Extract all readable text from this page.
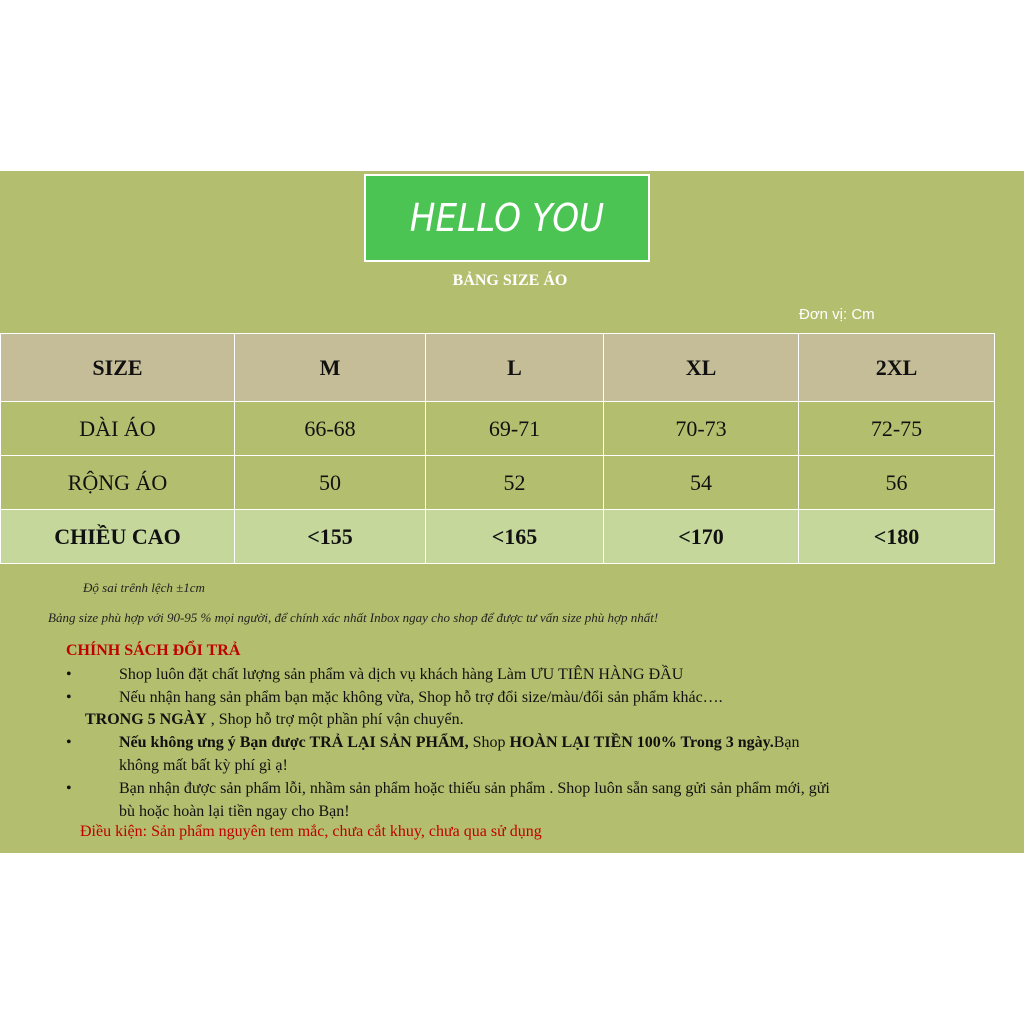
HELLO YOU
BẢNG SIZE ÁO
Đơn vị: Cm
SIZE	M	L	XL	2XL
DÀI ÁO	66-68	69-71	70-73	72-75
RỘNG ÁO	50	52	54	56
CHIỀU CAO	<155	<165	<170	<180
Độ sai trênh lệch ±1cm
Bảng size phù hợp với 90-95 % mọi người, để chính xác nhất Inbox ngay cho shop để được tư vấn size phù hợp nhất!
CHÍNH SÁCH ĐỔI TRẢ
•	Shop luôn đặt chất lượng sản phẩm và dịch vụ khách hàng Làm ƯU TIÊN HÀNG ĐẦU
•	Nếu nhận hang sản phẩm bạn mặc không vừa, Shop hỗ trợ đổi size/màu/đổi sản phẩm khác….
TRONG 5 NGÀY , Shop hỗ trợ một phần phí vận chuyển.
•	Nếu không ưng ý Bạn được TRẢ LẠI SẢN PHẨM, Shop HOÀN LẠI TIỀN 100% Trong 3 ngày.Bạn
không mất bất kỳ phí gì ạ!
•	Bạn nhận được sản phẩm lỗi, nhầm sản phẩm hoặc thiếu sản phẩm . Shop luôn sẵn sang gửi sản phẩm mới, gửi
bù hoặc hoàn lại tiền ngay cho Bạn!
Điều kiện: Sản phẩm nguyên tem mắc, chưa cắt khuy, chưa qua sử dụng
